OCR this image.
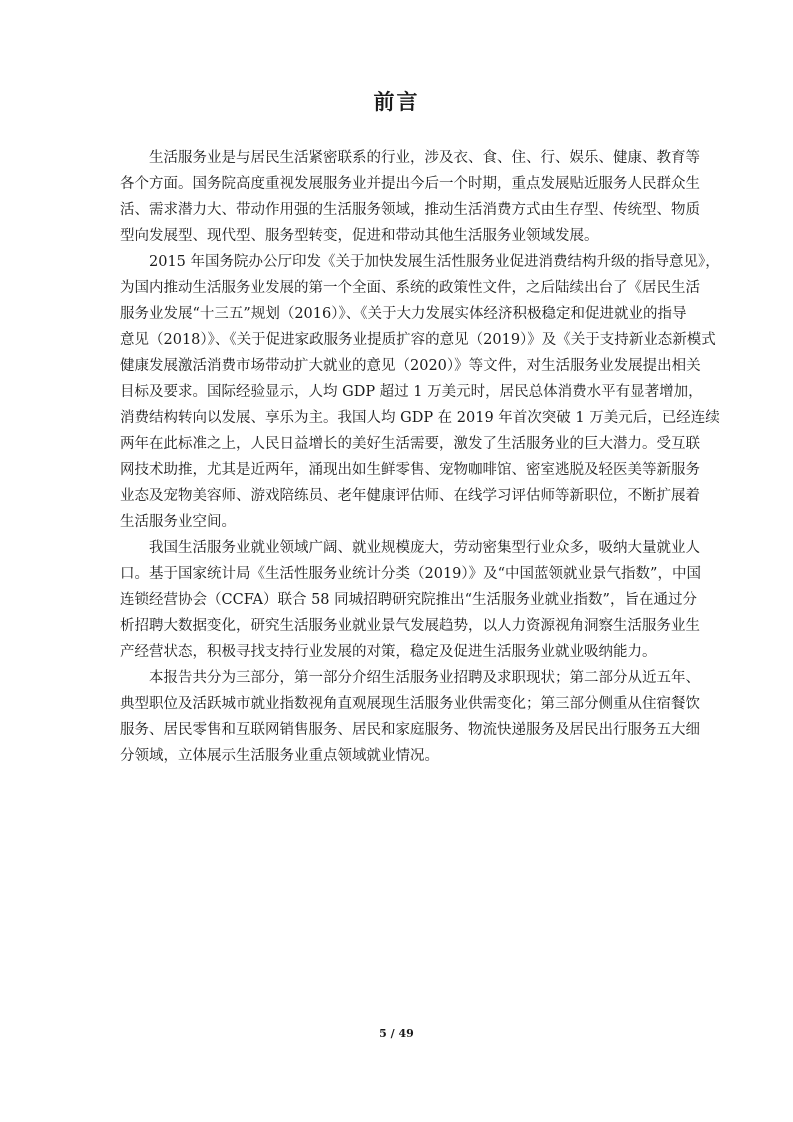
前言
生活服务业是与居民生活紧密联系的行业，涉及衣、食、住、行、娱乐、健康、教育等
各个方面。国务院高度重视发展服务业并提出今后一个时期，重点发展贴近服务人民群众生
活、需求潜力大、带动作用强的生活服务领域，推动生活消费方式由生存型、传统型、物质
型向发展型、现代型、服务型转变，促进和带动其他生活服务业领域发展。
2015 年国务院办公厅印发《关于加快发展生活性服务业促进消费结构升级的指导意见》，
为国内推动生活服务业发展的第一个全面、系统的政策性文件，之后陆续出台了《居民生活
服务业发展“十三五”规划（2016）》、《关于大力发展实体经济积极稳定和促进就业的指导
意见（2018）》、《关于促进家政服务业提质扩容的意见（2019）》及《关于支持新业态新模式
健康发展激活消费市场带动扩大就业的意见（2020）》等文件，对生活服务业发展提出相关
目标及要求。国际经验显示，人均 GDP 超过 1 万美元时，居民总体消费水平有显著增加，
消费结构转向以发展、享乐为主。我国人均 GDP 在 2019 年首次突破 1 万美元后，已经连续
两年在此标准之上，人民日益增长的美好生活需要，激发了生活服务业的巨大潜力。受互联
网技术助推，尤其是近两年，涌现出如生鲜零售、宠物咖啡馆、密室逃脱及轻医美等新服务
业态及宠物美容师、游戏陪练员、老年健康评估师、在线学习评估师等新职位，不断扩展着
生活服务业空间。
我国生活服务业就业领域广阔、就业规模庞大，劳动密集型行业众多，吸纳大量就业人
口。基于国家统计局《生活性服务业统计分类（2019）》及“中国蓝领就业景气指数”，中国
连锁经营协会（CCFA）联合 58 同城招聘研究院推出“生活服务业就业指数”，旨在通过分
析招聘大数据变化，研究生活服务业就业景气发展趋势，以人力资源视角洞察生活服务业生
产经营状态，积极寻找支持行业发展的对策，稳定及促进生活服务业就业吸纳能力。
本报告共分为三部分，第一部分介绍生活服务业招聘及求职现状；第二部分从近五年、
典型职位及活跃城市就业指数视角直观展现生活服务业供需变化；第三部分侧重从住宿餐饮
服务、居民零售和互联网销售服务、居民和家庭服务、物流快递服务及居民出行服务五大细
分领域，立体展示生活服务业重点领域就业情况。
5 / 49
